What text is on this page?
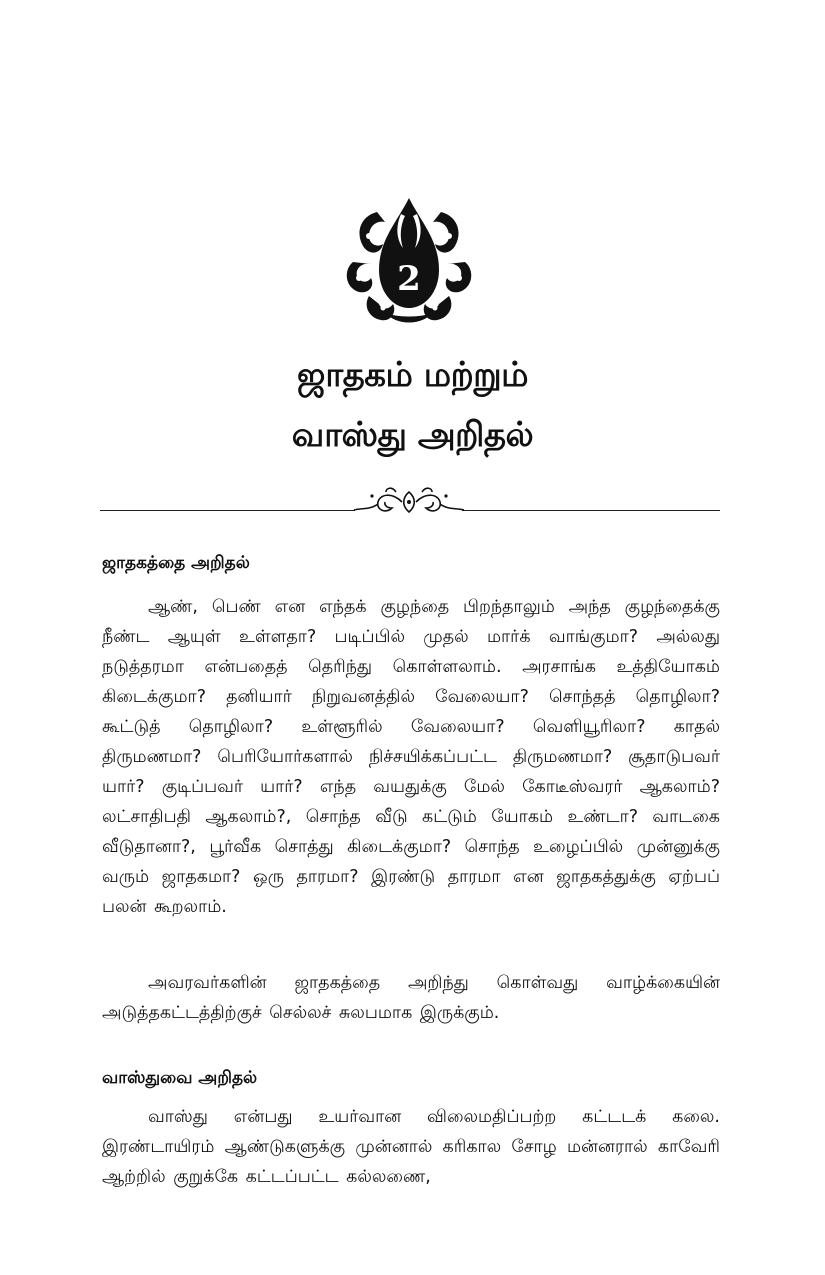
2
ஜாதகம் மற்றும்
வாஸ்து அறிதல்
ஜாதகத்தை அறிதல்

ஆண், பெண் என எந்தக் குழந்தை பிறந்தாலும் அந்த குழந்தைக்கு நீண்ட ஆயுள் உள்ளதா? படிப்பில் முதல் மார்க் வாங்குமா? அல்லது நடுத்தரமா என்பதைத் தெரிந்து கொள்ளலாம். அரசாங்க உத்தியோகம் கிடைக்குமா? தனியார் நிறுவனத்தில் வேலையா? சொந்தத் தொழிலா? கூட்டுத் தொழிலா? உள்ளூரில் வேலையா? வெளியூரிலா? காதல் திருமணமா? பெரியோர்களால் நிச்சயிக்கப்பட்ட திருமணமா? சூதாடுபவர் யார்? குடிப்பவர் யார்? எந்த வயதுக்கு மேல் கோடீஸ்வரர் ஆகலாம்? லட்சாதிபதி ஆகலாம்?, சொந்த வீடு கட்டும் யோகம் உண்டா? வாடகை வீடுதானா?, பூர்வீக சொத்து கிடைக்குமா? சொந்த உழைப்பில் முன்னுக்கு வரும் ஜாதகமா? ஒரு தாரமா? இரண்டு தாரமா என ஜாதகத்துக்கு ஏற்பப் பலன் கூறலாம்.

அவரவர்களின் ஜாதகத்தை அறிந்து கொள்வது வாழ்க்கையின் அடுத்தகட்டத்திற்குச் செல்லச் சுலபமாக இருக்கும்.

வாஸ்துவை அறிதல்

வாஸ்து என்பது உயர்வான விலைமதிப்பற்ற கட்டடக் கலை. இரண்டாயிரம் ஆண்டுகளுக்கு முன்னால் கரிகால சோழ மன்னரால் காவேரி ஆற்றில் குறுக்கே கட்டப்பட்ட கல்லணை,
